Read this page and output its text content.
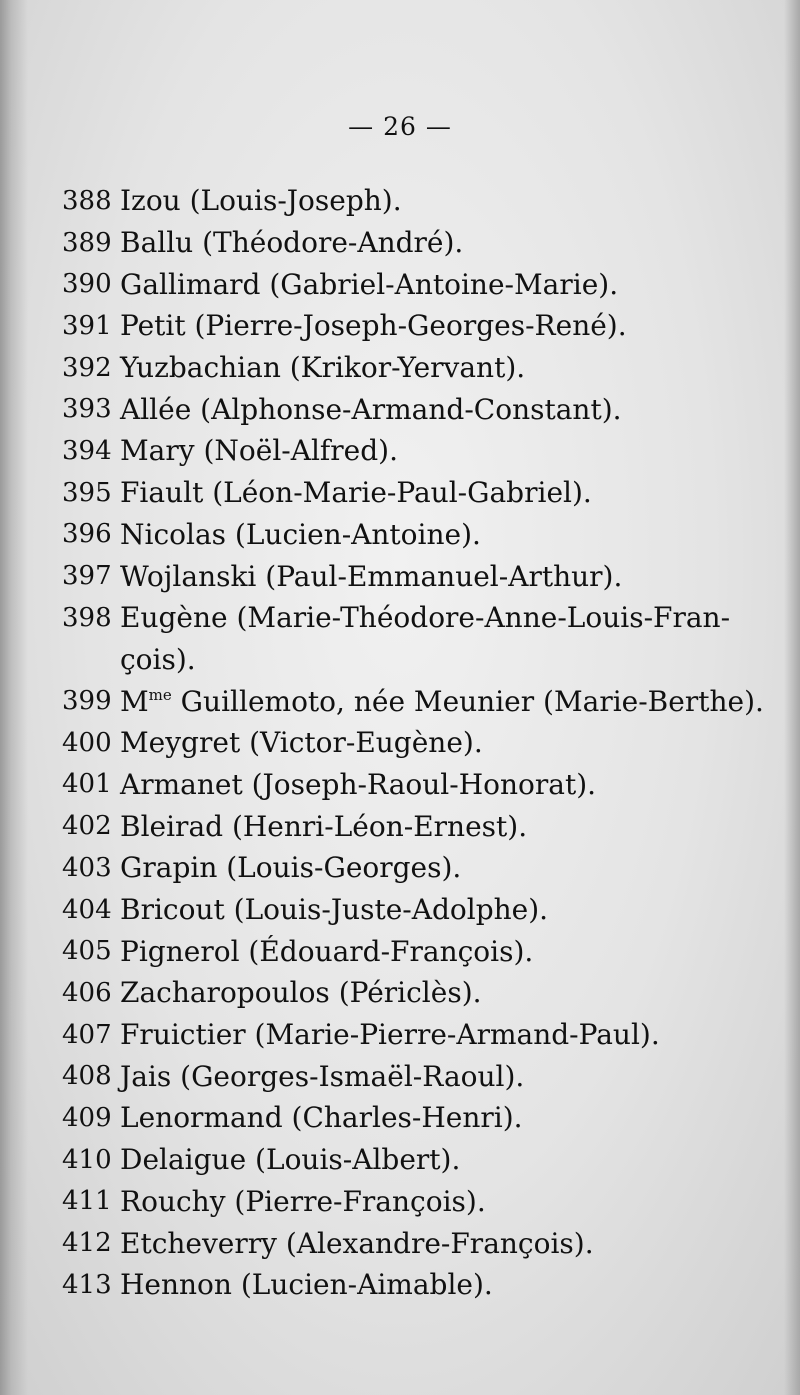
— 26 —
388 Izou (Louis-Joseph).
389 Ballu (Théodore-André).
390 Gallimard (Gabriel-Antoine-Marie).
391 Petit (Pierre-Joseph-Georges-René).
392 Yuzbachian (Krikor-Yervant).
393 Allée (Alphonse-Armand-Constant).
394 Mary (Noël-Alfred).
395 Fiault (Léon-Marie-Paul-Gabriel).
396 Nicolas (Lucien-Antoine).
397 Wojlanski (Paul-Emmanuel-Arthur).
398 Eugène (Marie-Théodore-Anne-Louis-Fran-
çois).
399 $M^{me}$ Guillemoto, née Meunier (Marie-Berthe).
400 Meygret (Victor-Eugène).
401 Armanet (Joseph-Raoul-Honorat).
402 Bleirad (Henri-Léon-Ernest).
403 Grapin (Louis-Georges).
404 Bricout (Louis-Juste-Adolphe).
405 Pignerol (Édouard-François).
406 Zacharopoulos (Périclès).
407 Fruictier (Marie-Pierre-Armand-Paul).
408 Jais (Georges-Ismaël-Raoul).
409 Lenormand (Charles-Henri).
410 Delaigue (Louis-Albert).
411 Rouchy (Pierre-François).
412 Etcheverry (Alexandre-François).
413 Hennon (Lucien-Aimable).
